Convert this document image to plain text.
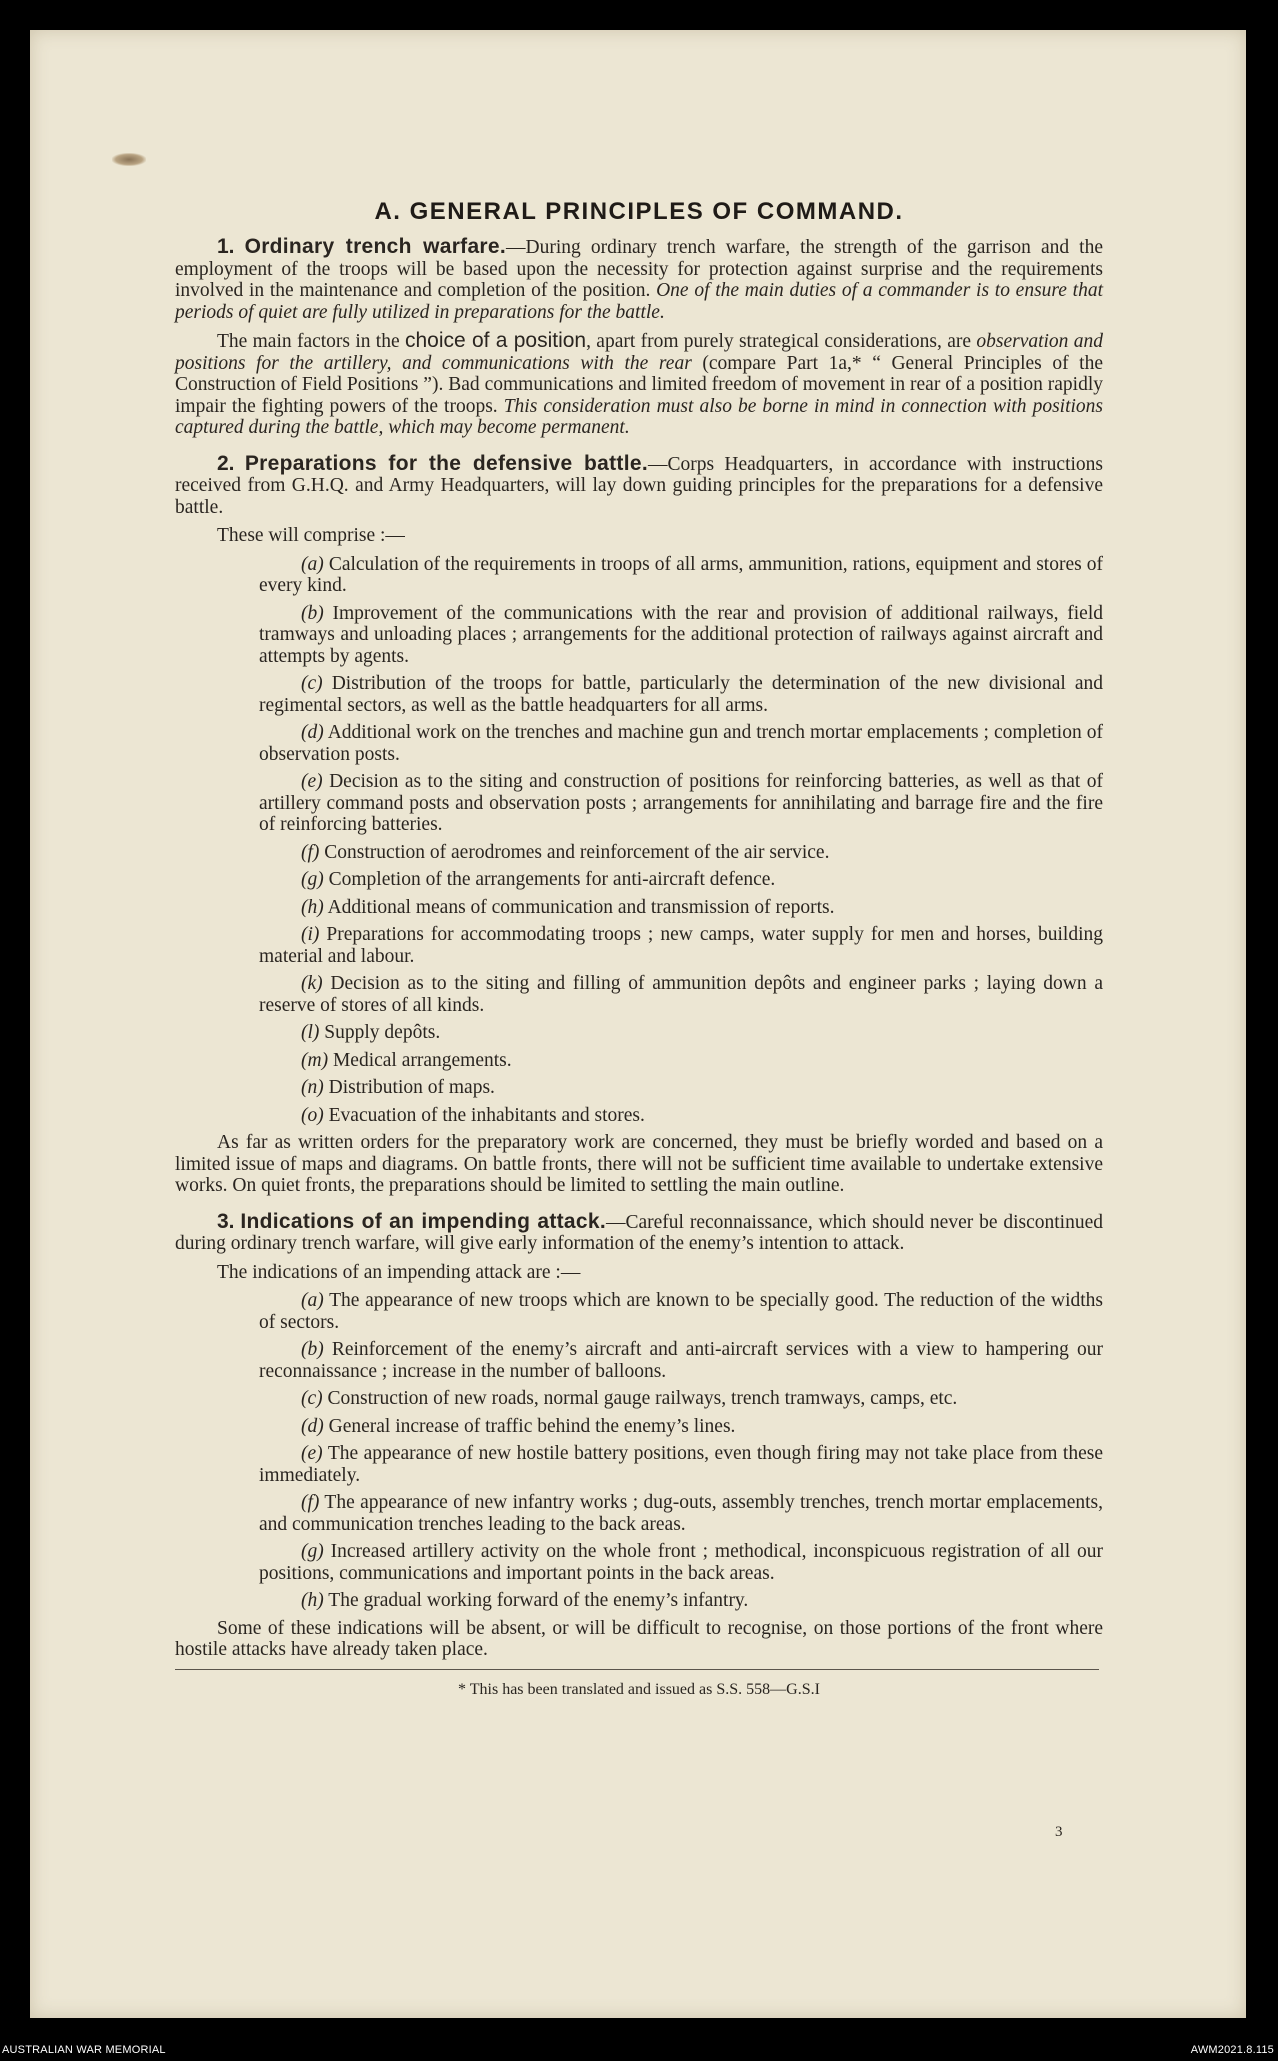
A. GENERAL PRINCIPLES OF COMMAND.

1. Ordinary trench warfare.—During ordinary trench warfare, the strength of the garrison and the employment of the troops will be based upon the necessity for protection against surprise and the requirements involved in the maintenance and completion of the position. One of the main duties of a commander is to ensure that periods of quiet are fully utilized in preparations for the battle.

The main factors in the choice of a position, apart from purely strategical considerations, are observation and positions for the artillery, and communications with the rear (compare Part 1a,* “ General Principles of the Construction of Field Positions ”). Bad communications and limited freedom of movement in rear of a position rapidly impair the fighting powers of the troops. This consideration must also be borne in mind in connection with positions captured during the battle, which may become permanent.

2. Preparations for the defensive battle.—Corps Headquarters, in accordance with instructions received from G.H.Q. and Army Headquarters, will lay down guiding principles for the preparations for a defensive battle.

These will comprise :—

(a) Calculation of the requirements in troops of all arms, ammunition, rations, equipment and stores of every kind.

(b) Improvement of the communications with the rear and provision of additional railways, field tramways and unloading places ; arrangements for the additional protection of railways against aircraft and attempts by agents.

(c) Distribution of the troops for battle, particularly the determination of the new divisional and regimental sectors, as well as the battle headquarters for all arms.

(d) Additional work on the trenches and machine gun and trench mortar emplacements ; completion of observation posts.

(e) Decision as to the siting and construction of positions for reinforcing batteries, as well as that of artillery command posts and observation posts ; arrangements for annihilating and barrage fire and the fire of reinforcing batteries.

(f) Construction of aerodromes and reinforcement of the air service.

(g) Completion of the arrangements for anti-aircraft defence.

(h) Additional means of communication and transmission of reports.

(i) Preparations for accommodating troops ; new camps, water supply for men and horses, building material and labour.

(k) Decision as to the siting and filling of ammunition depôts and engineer parks ; laying down a reserve of stores of all kinds.

(l) Supply depôts.

(m) Medical arrangements.

(n) Distribution of maps.

(o) Evacuation of the inhabitants and stores.

As far as written orders for the preparatory work are concerned, they must be briefly worded and based on a limited issue of maps and diagrams. On battle fronts, there will not be sufficient time available to undertake extensive works. On quiet fronts, the preparations should be limited to settling the main outline.

3. Indications of an impending attack.—Careful reconnaissance, which should never be discontinued during ordinary trench warfare, will give early information of the enemy’s intention to attack.

The indications of an impending attack are :—

(a) The appearance of new troops which are known to be specially good. The reduction of the widths of sectors.

(b) Reinforcement of the enemy’s aircraft and anti-aircraft services with a view to hampering our reconnaissance ; increase in the number of balloons.

(c) Construction of new roads, normal gauge railways, trench tramways, camps, etc.

(d) General increase of traffic behind the enemy’s lines.

(e) The appearance of new hostile battery positions, even though firing may not take place from these immediately.

(f) The appearance of new infantry works ; dug-outs, assembly trenches, trench mortar emplacements, and communication trenches leading to the back areas.

(g) Increased artillery activity on the whole front ; methodical, inconspicuous registration of all our positions, communications and important points in the back areas.

(h) The gradual working forward of the enemy’s infantry.

Some of these indications will be absent, or will be difficult to recognise, on those portions of the front where hostile attacks have already taken place.

* This has been translated and issued as S.S. 558—G.S.I

3
AUSTRALIAN WAR MEMORIAL	AWM2021.8.115
